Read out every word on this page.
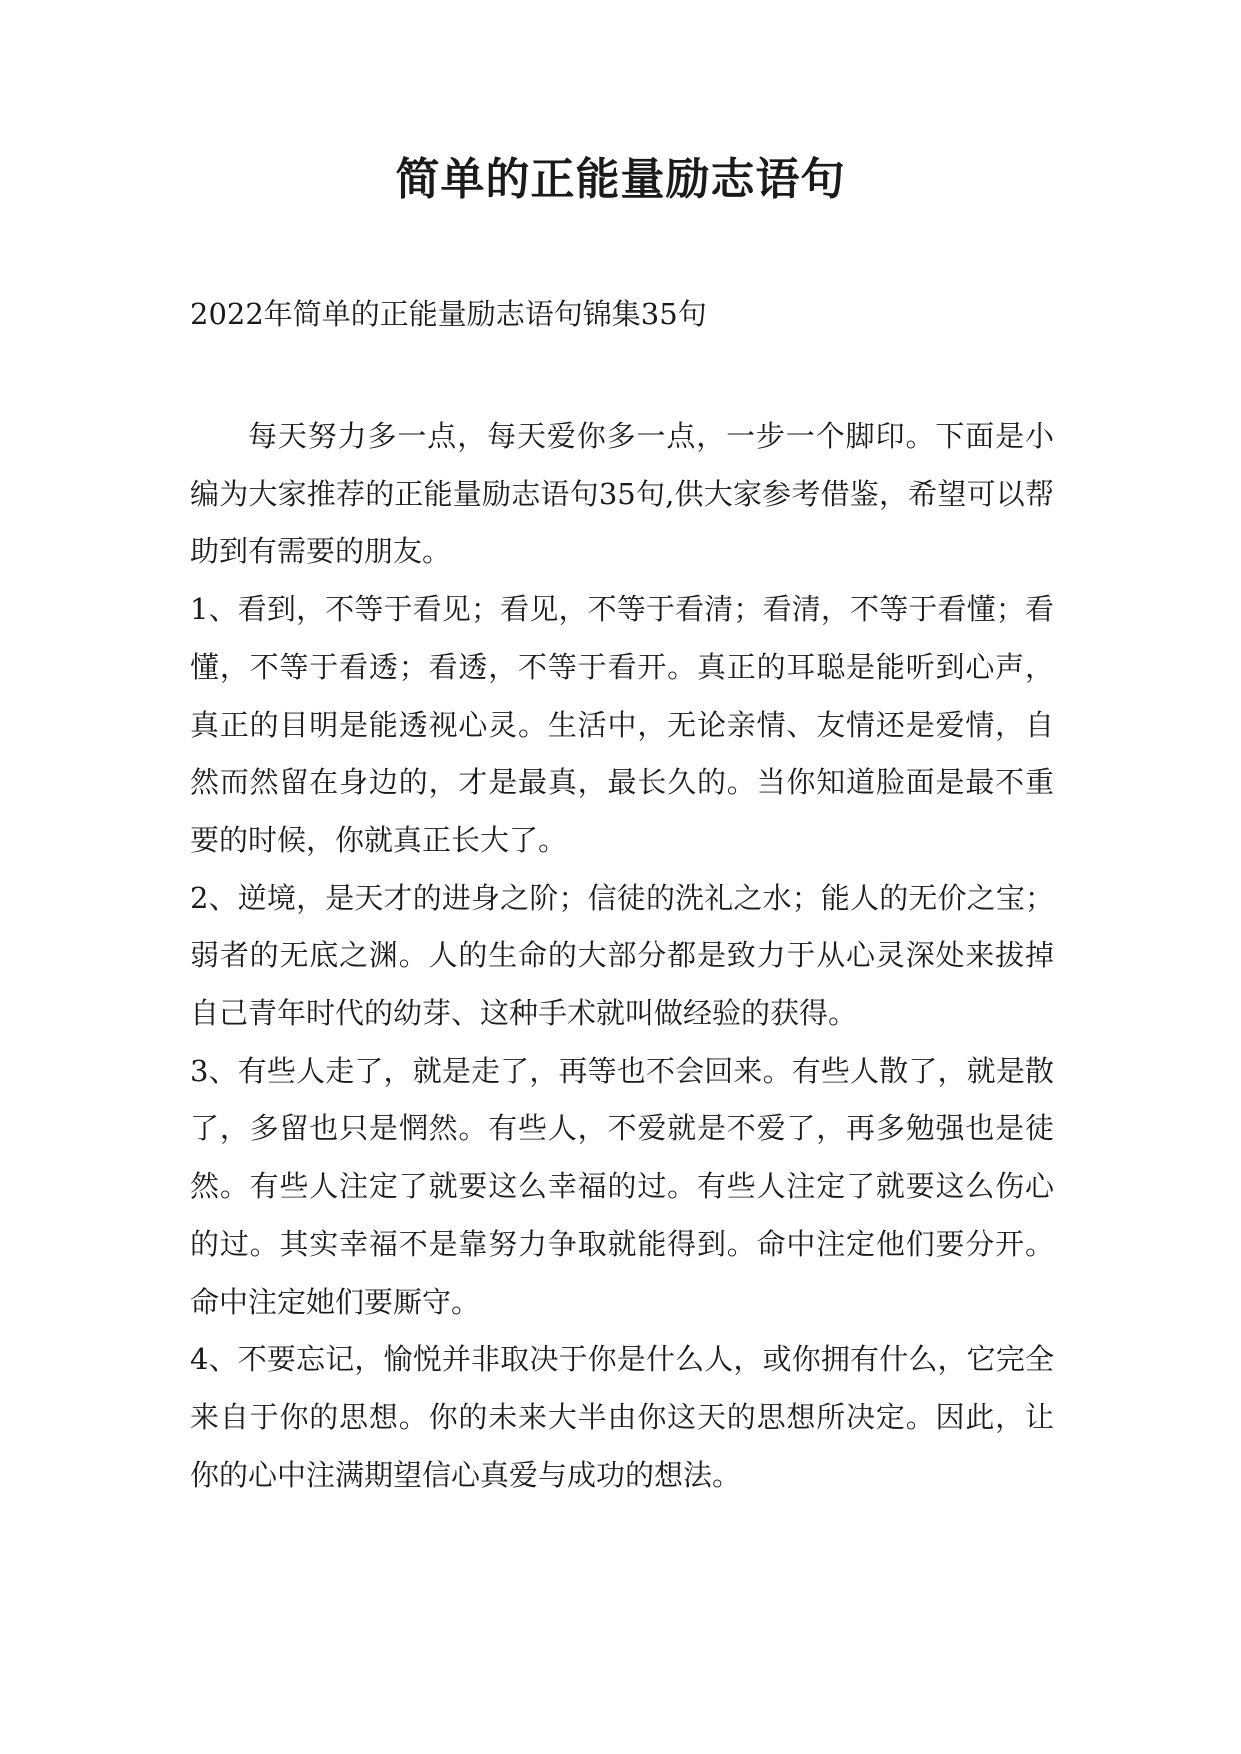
简单的正能量励志语句

2022年简单的正能量励志语句锦集35句

每天努力多一点，每天爱你多一点，一步一个脚印。下面是小编为大家推荐的正能量励志语句35句,供大家参考借鉴，希望可以帮助到有需要的朋友。

1、看到，不等于看见；看见，不等于看清；看清，不等于看懂；看懂，不等于看透；看透，不等于看开。真正的耳聪是能听到心声，真正的目明是能透视心灵。生活中，无论亲情、友情还是爱情，自然而然留在身边的，才是最真，最长久的。当你知道脸面是最不重要的时候，你就真正长大了。

2、逆境，是天才的进身之阶；信徒的洗礼之水；能人的无价之宝；弱者的无底之渊。人的生命的大部分都是致力于从心灵深处来拔掉自己青年时代的幼芽、这种手术就叫做经验的获得。

3、有些人走了，就是走了，再等也不会回来。有些人散了，就是散了，多留也只是惘然。有些人，不爱就是不爱了，再多勉强也是徒然。有些人注定了就要这么幸福的过。有些人注定了就要这么伤心的过。其实幸福不是靠努力争取就能得到。命中注定他们要分开。命中注定她们要厮守。

4、不要忘记，愉悦并非取决于你是什么人，或你拥有什么，它完全来自于你的思想。你的未来大半由你这天的思想所决定。因此，让你的心中注满期望信心真爱与成功的想法。
